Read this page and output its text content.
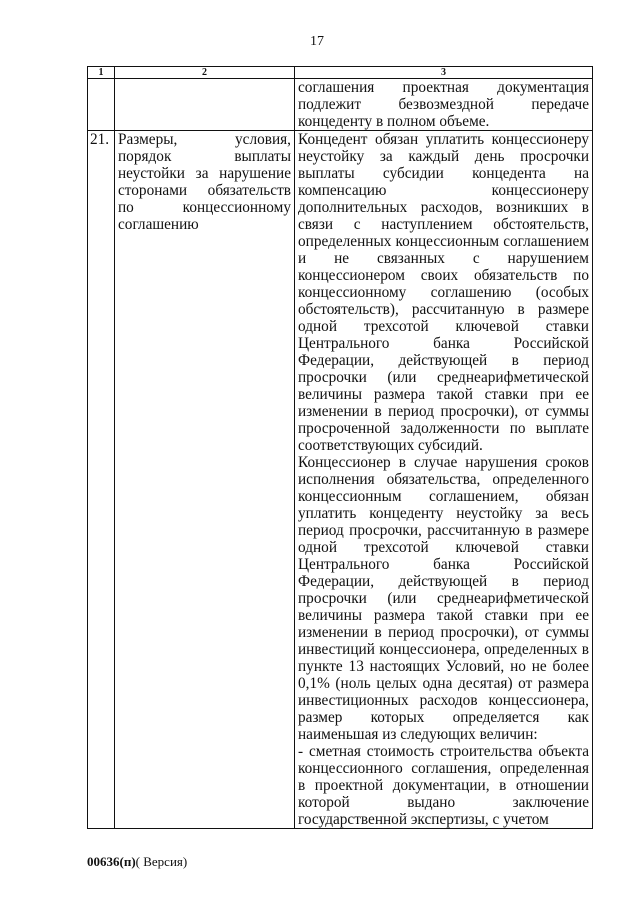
17
1	2	3

		соглашения проектная документация подлежит безвозмездной передаче концеденту в полном объеме.

21.	Размеры, условия, порядок выплаты неустойки за нарушение сторонами обязательств по концессионному соглашению	Концедент обязан уплатить концессионеру неустойку за каждый день просрочки выплаты субсидии концедента на компенсацию концессионеру дополнительных расходов, возникших в связи с наступлением обстоятельств, определенных концессионным соглашением и не связанных с нарушением концессионером своих обязательств по концессионному соглашению (особых обстоятельств), рассчитанную в размере одной трехсотой ключевой ставки Центрального банка Российской Федерации, действующей в период просрочки (или среднеарифметической величины размера такой ставки при ее изменении в период просрочки), от суммы просроченной задолженности по выплате соответствующих субсидий.

Концессионер в случае нарушения сроков исполнения обязательства, определенного концессионным соглашением, обязан уплатить концеденту неустойку за весь период просрочки, рассчитанную в размере одной трехсотой ключевой ставки Центрального банка Российской Федерации, действующей в период просрочки (или среднеарифметической величины размера такой ставки при ее изменении в период просрочки), от суммы инвестиций концессионера, определенных в пункте 13 настоящих Условий, но не более 0,1% (ноль целых одна десятая) от размера инвестиционных расходов концессионера, размер которых определяется как наименьшая из следующих величин:

- сметная стоимость строительства объекта концессионного соглашения, определенная в проектной документации, в отношении которой выдано заключение государственной экспертизы, с учетом

00636(п)( Версия)
